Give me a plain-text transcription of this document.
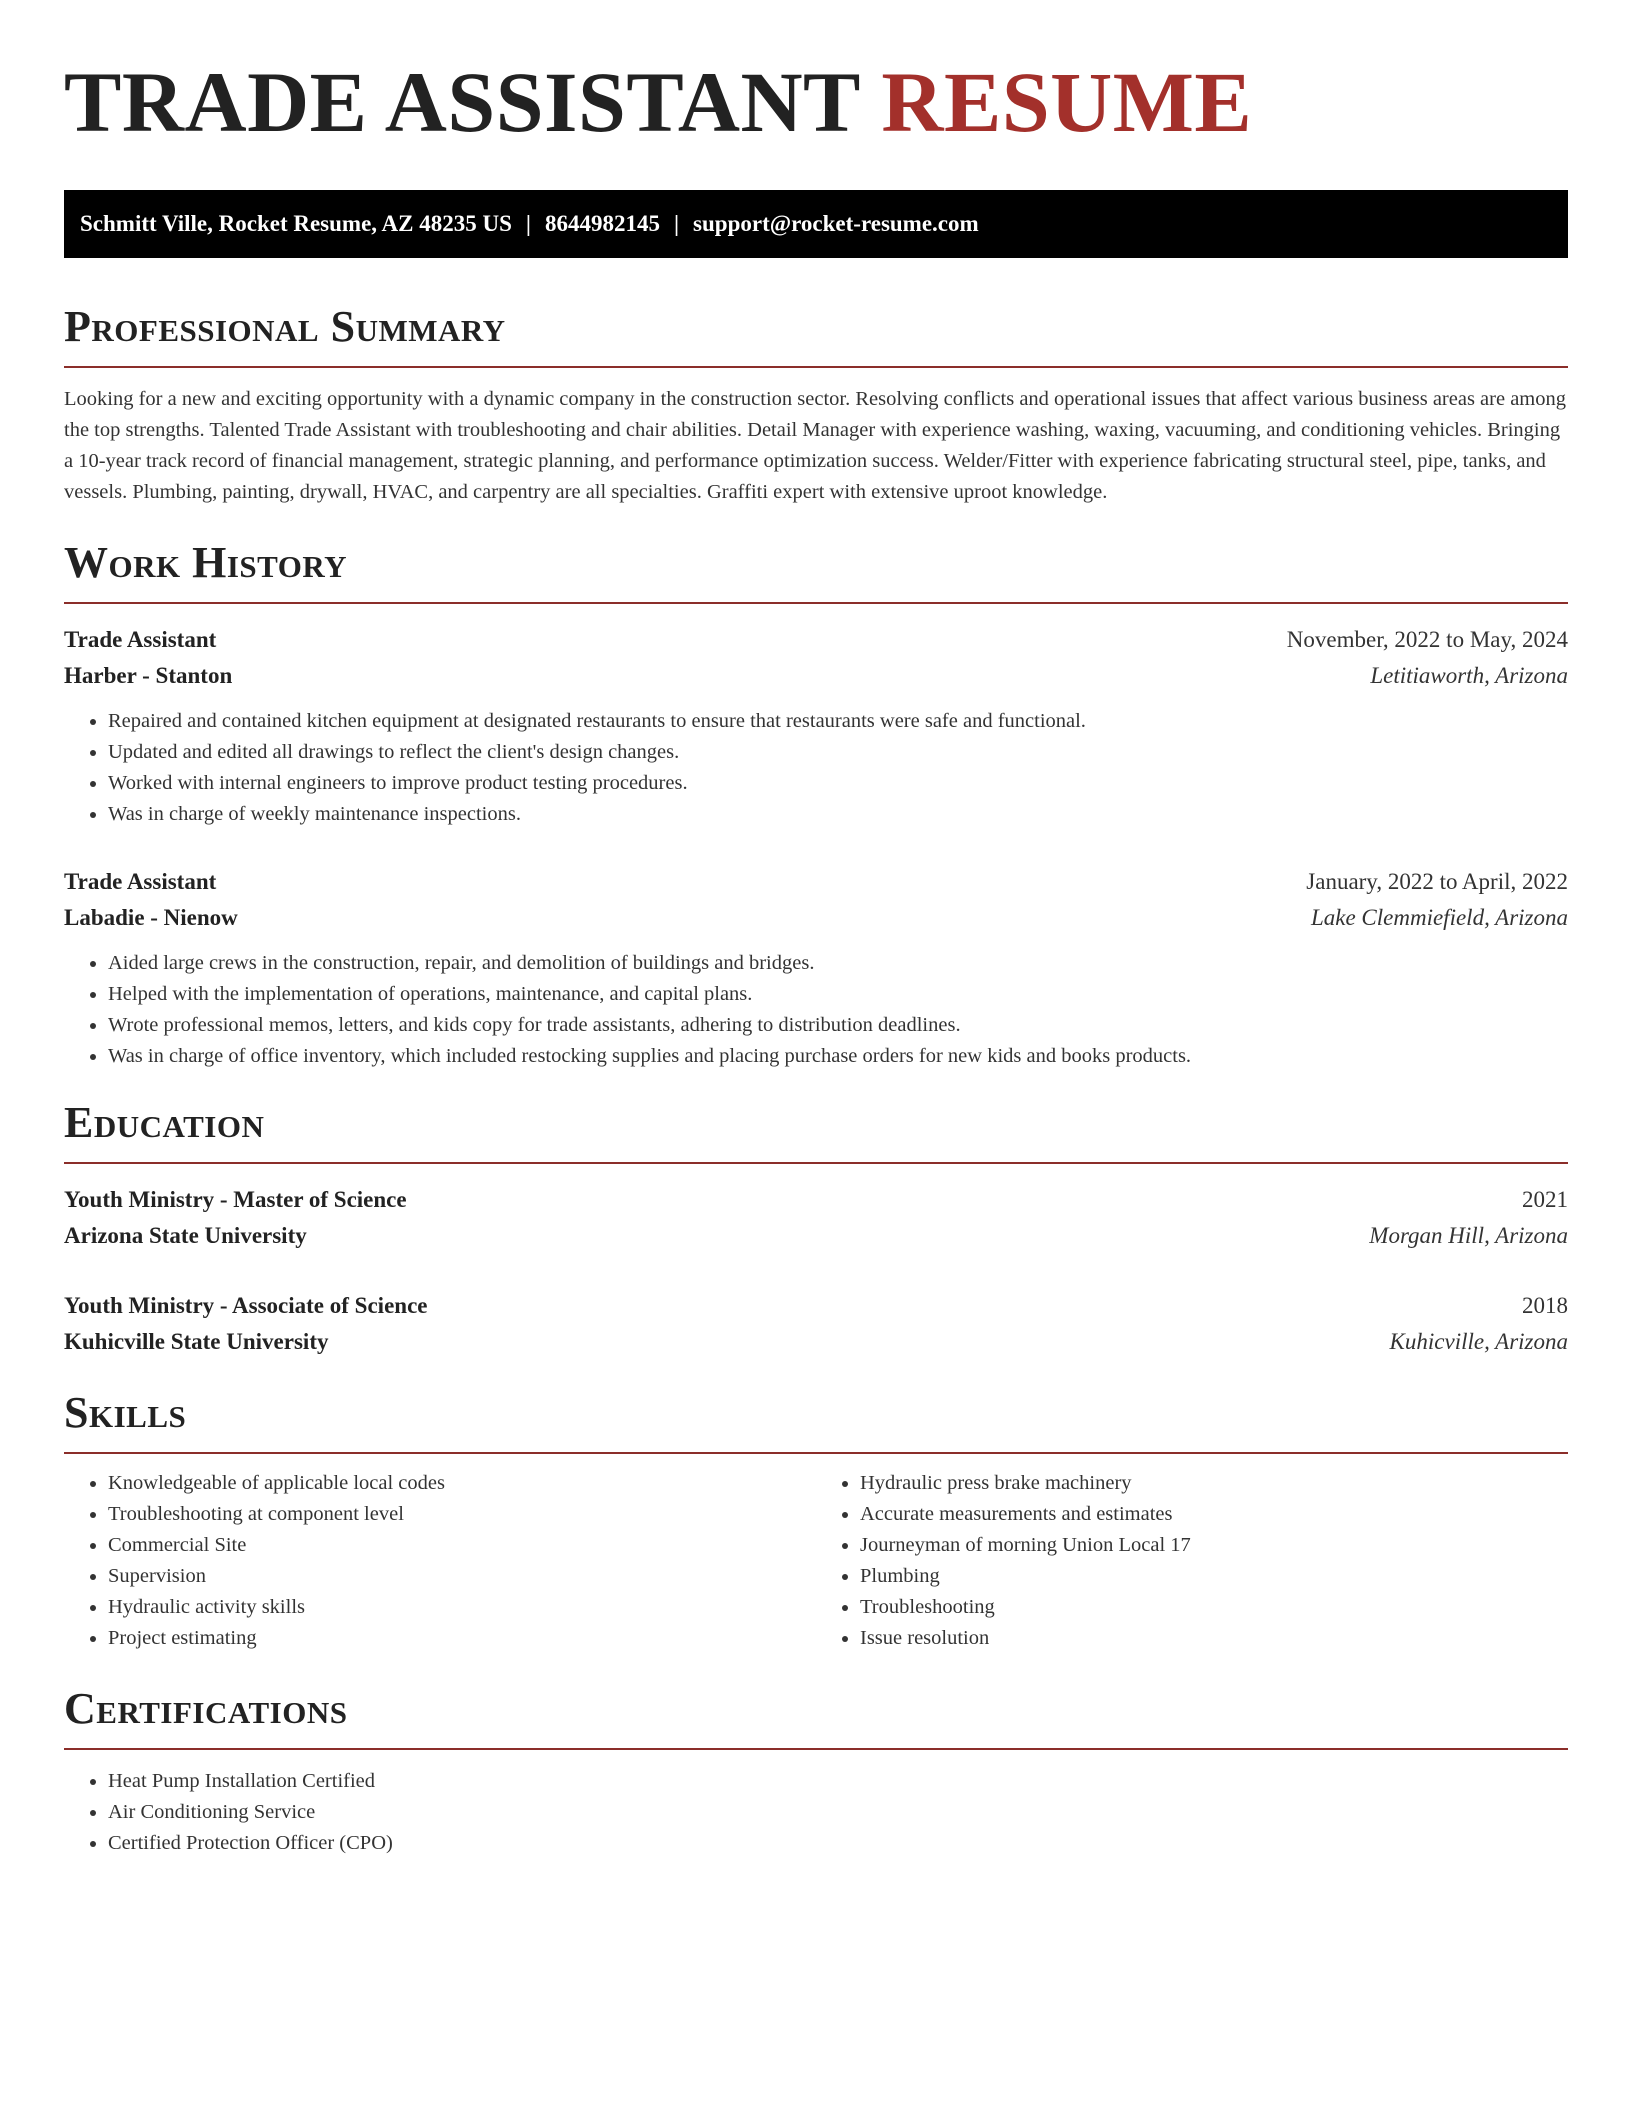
TRADE ASSISTANT RESUME
Schmitt Ville, Rocket Resume, AZ 48235 US | 8644982145 | support@rocket-resume.com
Professional Summary

Looking for a new and exciting opportunity with a dynamic company in the construction sector. Resolving conflicts and operational issues that affect various business areas are among the top strengths. Talented Trade Assistant with troubleshooting and chair abilities. Detail Manager with experience washing, waxing, vacuuming, and conditioning vehicles. Bringing a 10-year track record of financial management, strategic planning, and performance optimization success. Welder/Fitter with experience fabricating structural steel, pipe, tanks, and vessels. Plumbing, painting, drywall, HVAC, and carpentry are all specialties. Graffiti expert with extensive uproot knowledge.

Work History
Trade Assistant	November, 2022 to May, 2024
Harber - Stanton	Letitiaworth, Arizona
• Repaired and contained kitchen equipment at designated restaurants to ensure that restaurants were safe and functional.
• Updated and edited all drawings to reflect the client's design changes.
• Worked with internal engineers to improve product testing procedures.
• Was in charge of weekly maintenance inspections.
Trade Assistant	January, 2022 to April, 2022
Labadie - Nienow	Lake Clemmiefield, Arizona
• Aided large crews in the construction, repair, and demolition of buildings and bridges.
• Helped with the implementation of operations, maintenance, and capital plans.
• Wrote professional memos, letters, and kids copy for trade assistants, adhering to distribution deadlines.
• Was in charge of office inventory, which included restocking supplies and placing purchase orders for new kids and books products.
Education
Youth Ministry - Master of Science	2021
Arizona State University	Morgan Hill, Arizona
Youth Ministry - Associate of Science	2018
Kuhicville State University	Kuhicville, Arizona
Skills
• Knowledgeable of applicable local codes
• Troubleshooting at component level
• Commercial Site
• Supervision
• Hydraulic activity skills
• Project estimating
• Hydraulic press brake machinery
• Accurate measurements and estimates
• Journeyman of morning Union Local 17
• Plumbing
• Troubleshooting
• Issue resolution
Certifications
• Heat Pump Installation Certified
• Air Conditioning Service
• Certified Protection Officer (CPO)
